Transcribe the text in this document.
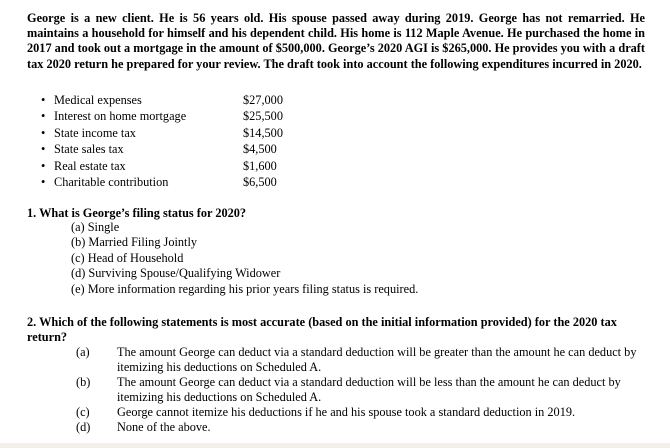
George is a new client. He is 56 years old. His spouse passed away during 2019. George has not remarried. He maintains a household for himself and his dependent child. His home is 112 Maple Avenue. He purchased the home in 2017 and took out a mortgage in the amount of $500,000. George’s 2020 AGI is $265,000. He provides you with a draft tax 2020 return he prepared for your review. The draft took into account the following expenditures incurred in 2020.

• Medical expenses	$27,000
• Interest on home mortgage	$25,500
• State income tax	$14,500
• State sales tax	$4,500
• Real estate tax	$1,600
• Charitable contribution	$6,500

1. What is George’s filing status for 2020?

(a) Single
(b) Married Filing Jointly
(c) Head of Household
(d) Surviving Spouse/Qualifying Widower
(e) More information regarding his prior years filing status is required.

2. Which of the following statements is most accurate (based on the initial information provided) for the 2020 tax return?

(a) The amount George can deduct via a standard deduction will be greater than the amount he can deduct by itemizing his deductions on Scheduled A.
(b) The amount George can deduct via a standard deduction will be less than the amount he can deduct by itemizing his deductions on Scheduled A.
(c) George cannot itemize his deductions if he and his spouse took a standard deduction in 2019.
(d) None of the above.
